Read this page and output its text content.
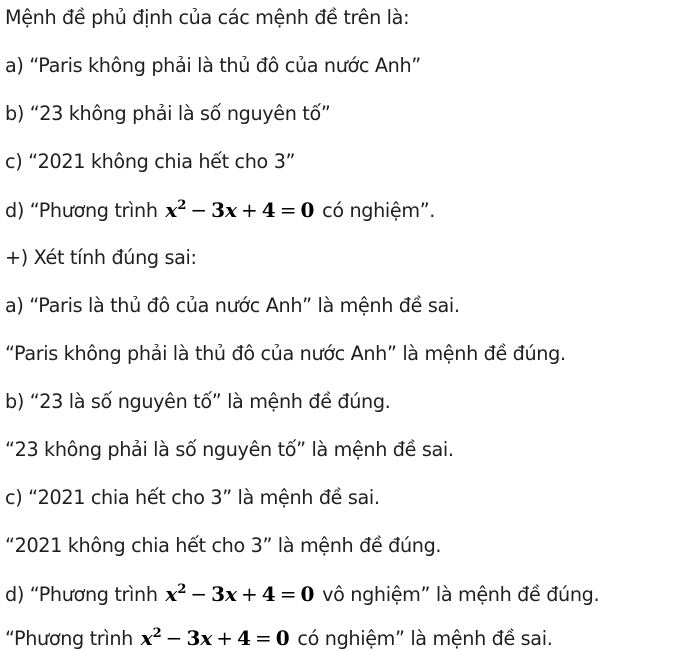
Mệnh đề phủ định của các mệnh đề trên là:
a) “Paris không phải là thủ đô của nước Anh”
b) “23 không phải là số nguyên tố”
c) “2021 không chia hết cho 3”
d) “Phương trình $x^2 - 3x + 4 = 0$ có nghiệm”.
+) Xét tính đúng sai:
a) “Paris là thủ đô của nước Anh” là mệnh đề sai.
“Paris không phải là thủ đô của nước Anh” là mệnh đề đúng.
b) “23 là số nguyên tố” là mệnh đề đúng.
“23 không phải là số nguyên tố” là mệnh đề sai.
c) “2021 chia hết cho 3” là mệnh đề sai.
“2021 không chia hết cho 3” là mệnh đề đúng.
d) “Phương trình $x^2 - 3x + 4 = 0$ vô nghiệm” là mệnh đề đúng.
“Phương trình $x^2 - 3x + 4 = 0$ có nghiệm” là mệnh đề sai.
